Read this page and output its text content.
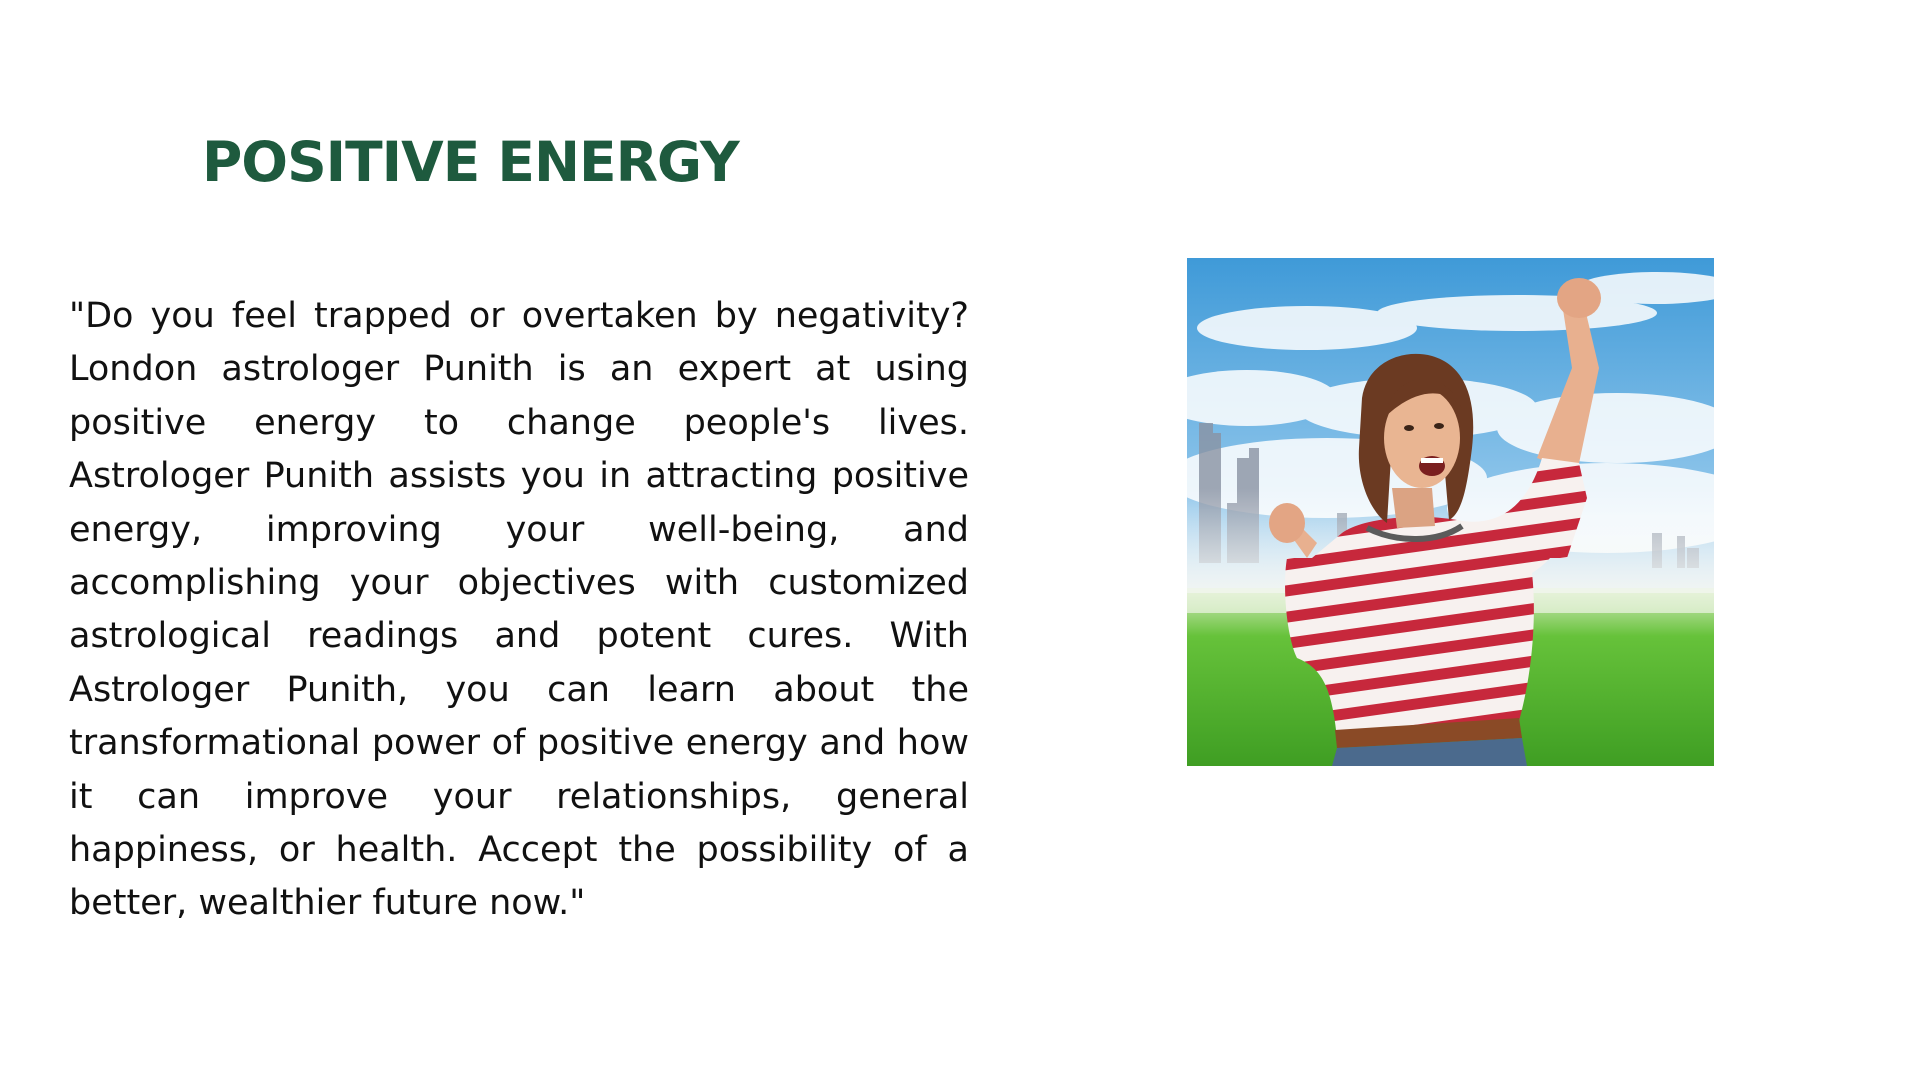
POSITIVE ENERGY

"Do you feel trapped or overtaken by negativity? London astrologer Punith is an expert at using positive energy to change people's lives. Astrologer Punith assists you in attracting positive energy, improving your well-being, and accomplishing your objectives with customized astrological readings and potent cures. With Astrologer Punith, you can learn about the transformational power of positive energy and how it can improve your relationships, general happiness, or health. Accept the possibility of a better, wealthier future now."
